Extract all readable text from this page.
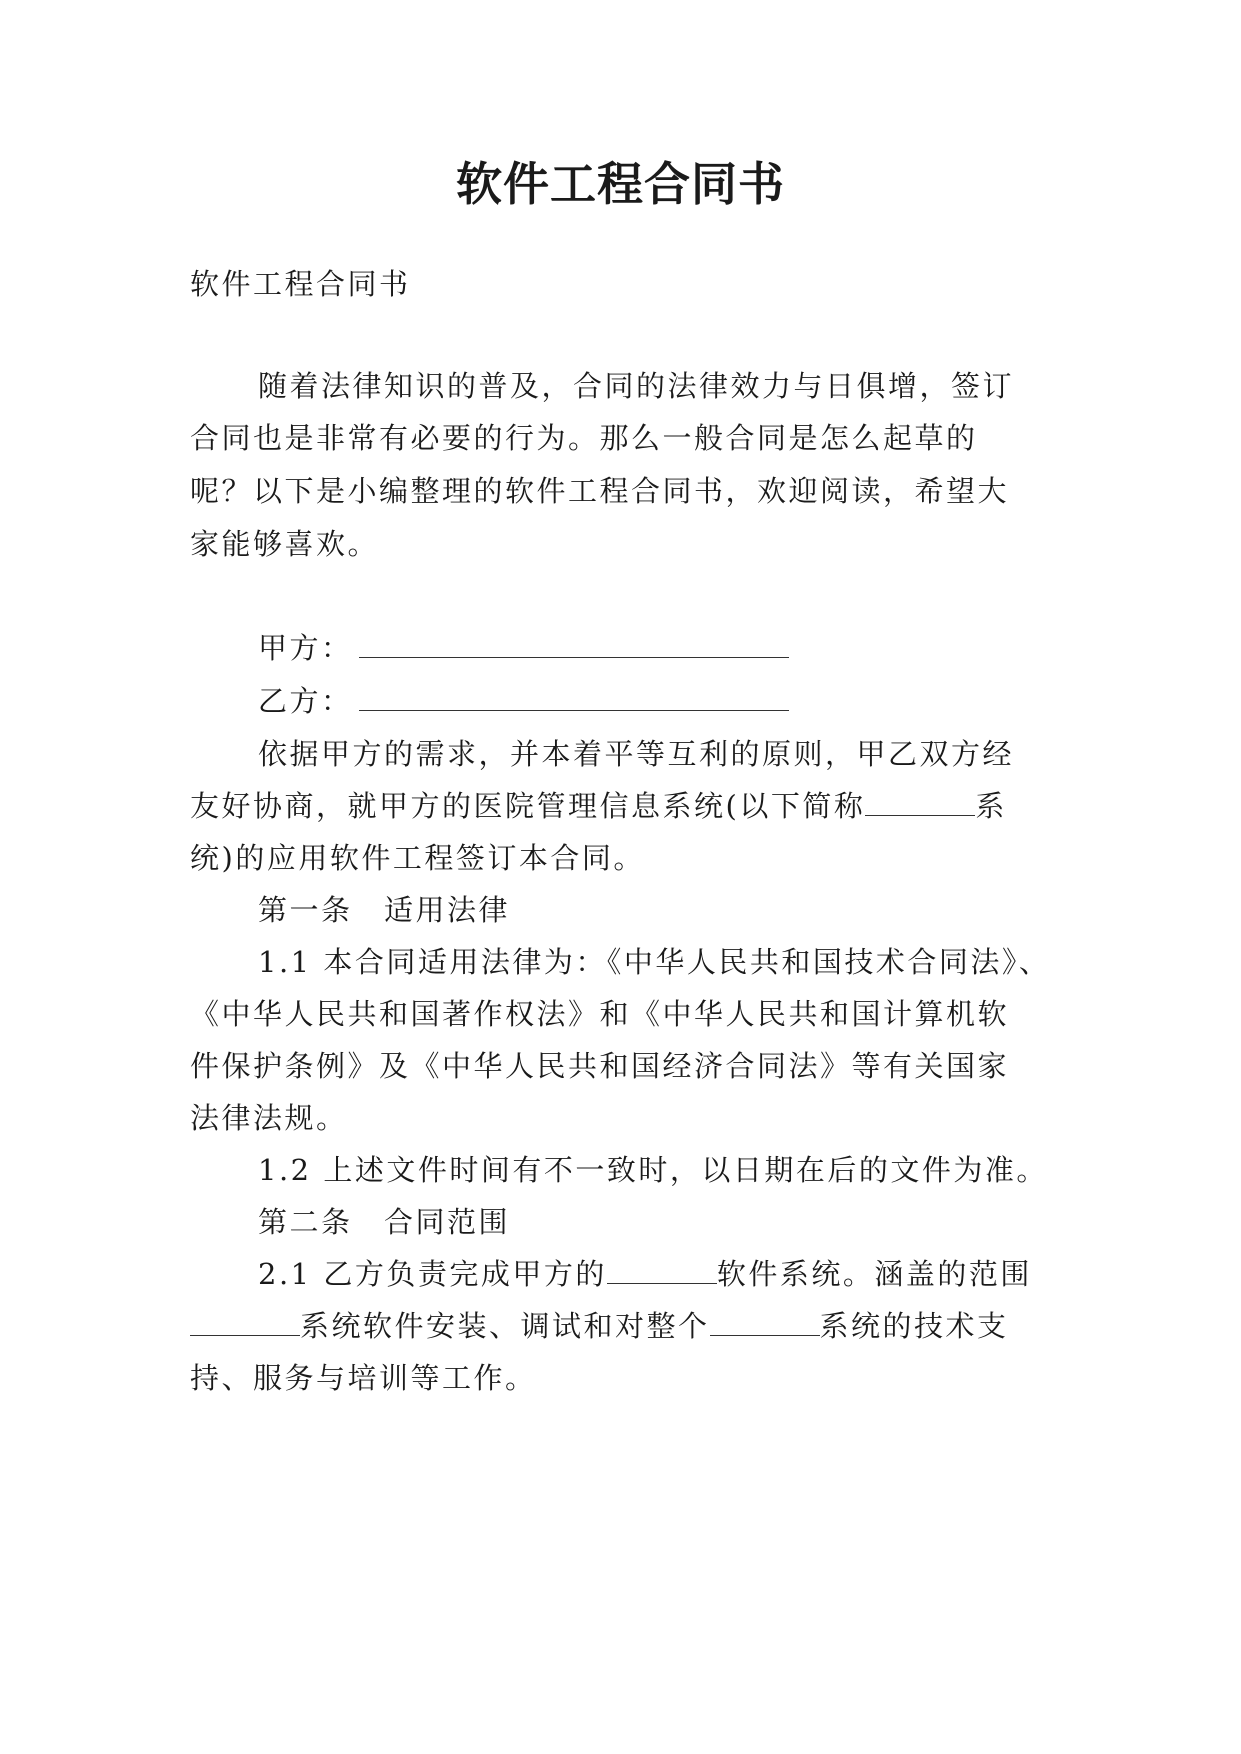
软件工程合同书
软件工程合同书
随着法律知识的普及，合同的法律效力与日俱增，签订
合同也是非常有必要的行为。那么一般合同是怎么起草的
呢？以下是小编整理的软件工程合同书，欢迎阅读，希望大
家能够喜欢。
甲方：
乙方：
依据甲方的需求，并本着平等互利的原则，甲乙双方经
友好协商，就甲方的医院管理信息系统(以下简称	系
统)的应用软件工程签订本合同。
第一条　适用法律
1.1 本合同适用法律为：《中华人民共和国技术合同法》、
《中华人民共和国著作权法》和《中华人民共和国计算机软
件保护条例》及《中华人民共和国经济合同法》等有关国家
法律法规。
1.2 上述文件时间有不一致时，以日期在后的文件为准。
第二条　合同范围
2.1 乙方负责完成甲方的	软件系统。涵盖的范围
系统软件安装、调试和对整个	系统的技术支
持、服务与培训等工作。
